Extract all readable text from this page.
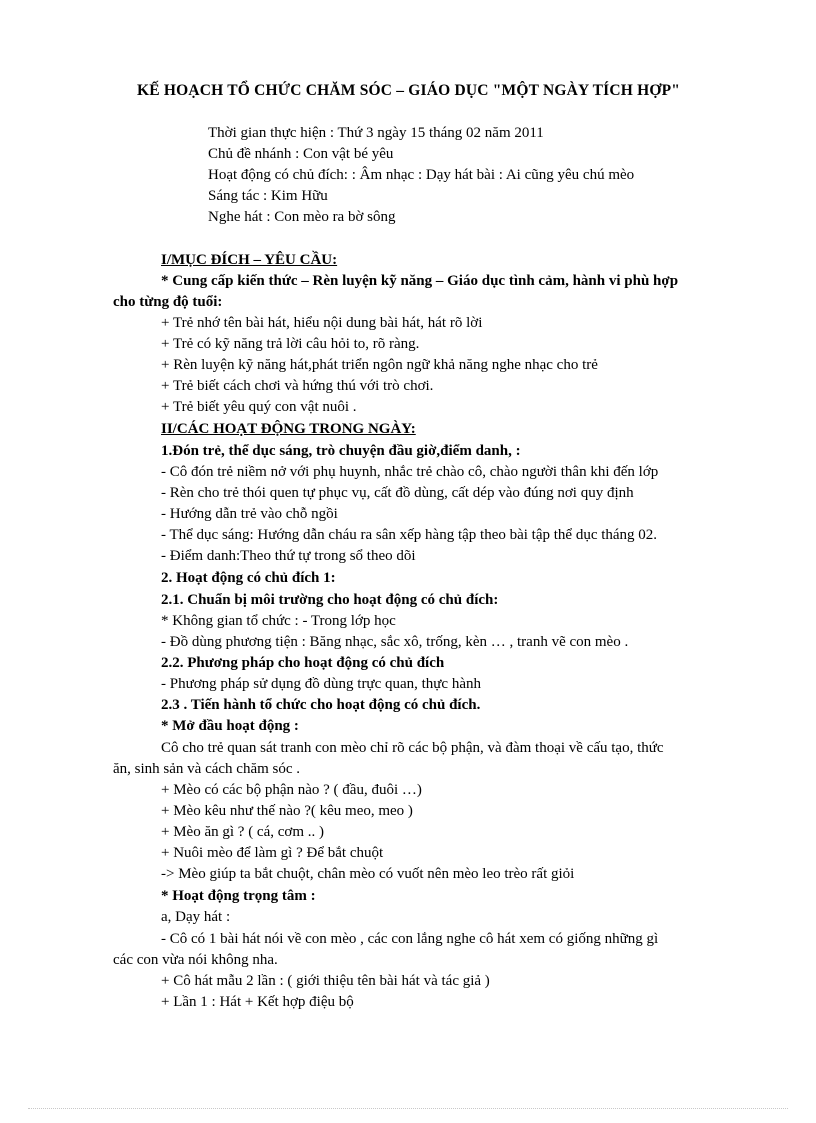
KẾ HOẠCH TỔ CHỨC CHĂM SÓC – GIÁO DỤC "MỘT NGÀY TÍCH HỢP"
Thời gian thực hiện : Thứ 3 ngày 15 tháng 02 năm 2011
Chủ đề nhánh : Con vật bé yêu
Hoạt động có chủ đích: : Âm nhạc : Dạy hát bài : Ai cũng yêu chú mèo
Sáng tác : Kim Hữu
Nghe hát : Con mèo ra bờ sông
I/MỤC ĐÍCH – YÊU CẦU:
* Cung cấp kiến thức – Rèn luyện kỹ năng – Giáo dục tình cảm, hành vi phù hợp
cho từng độ tuổi:
+ Trẻ nhớ tên bài hát, hiểu nội dung bài hát, hát rõ lời
+ Trẻ có kỹ năng trả lời câu hỏi to, rõ ràng.
+ Rèn luyện kỹ năng hát,phát triển ngôn ngữ khả năng nghe nhạc cho trẻ
+ Trẻ biết cách chơi và hứng thú với trò chơi.
+ Trẻ biết yêu quý con vật nuôi .
II/CÁC HOẠT ĐỘNG TRONG NGÀY:
1.Đón trẻ, thể dục sáng, trò chuyện đầu giờ,điểm danh, :
- Cô đón trẻ niềm nở với phụ huynh, nhắc trẻ chào cô, chào người thân khi đến lớp
- Rèn cho trẻ thói quen tự phục vụ, cất đồ dùng, cất dép vào đúng nơi quy định
- Hướng dẫn trẻ vào chỗ ngồi
- Thể dục sáng: Hướng dẫn cháu ra sân xếp hàng tập theo bài tập thể dục tháng 02.
- Điểm danh:Theo thứ tự trong sổ theo dõi
2. Hoạt động có chủ đích 1:
2.1. Chuẩn bị môi trường cho hoạt động có chủ đích:
* Không gian tổ chức : - Trong lớp học
- Đồ dùng phương tiện : Băng nhạc, sắc xô, trống, kèn … , tranh vẽ con mèo .
2.2. Phương pháp cho hoạt động có chủ đích
- Phương pháp sử dụng đồ dùng trực quan, thực hành
2.3 . Tiến hành tổ chức cho hoạt động có chủ đích.
* Mở đầu hoạt động :
Cô cho trẻ quan sát tranh con mèo chỉ rõ các bộ phận, và đàm thoại về cấu tạo, thức
ăn, sinh sản và cách chăm sóc .
+ Mèo có các bộ phận nào ? ( đầu, đuôi …)
+ Mèo kêu như thế nào ?( kêu meo, meo )
+ Mèo ăn gì ? ( cá, cơm .. )
+ Nuôi mèo để làm gì ? Để bắt chuột
-> Mèo giúp ta bắt chuột, chân mèo có vuốt nên mèo leo trèo rất giỏi
* Hoạt động trọng tâm :
a, Dạy hát :
- Cô có 1 bài hát nói về con mèo , các con lắng nghe cô hát xem có giống những gì
các con vừa nói không nha.
+ Cô hát mẫu 2 lần : ( giới thiệu tên bài hát và tác giả )
+ Lần 1 : Hát + Kết hợp điệu bộ
